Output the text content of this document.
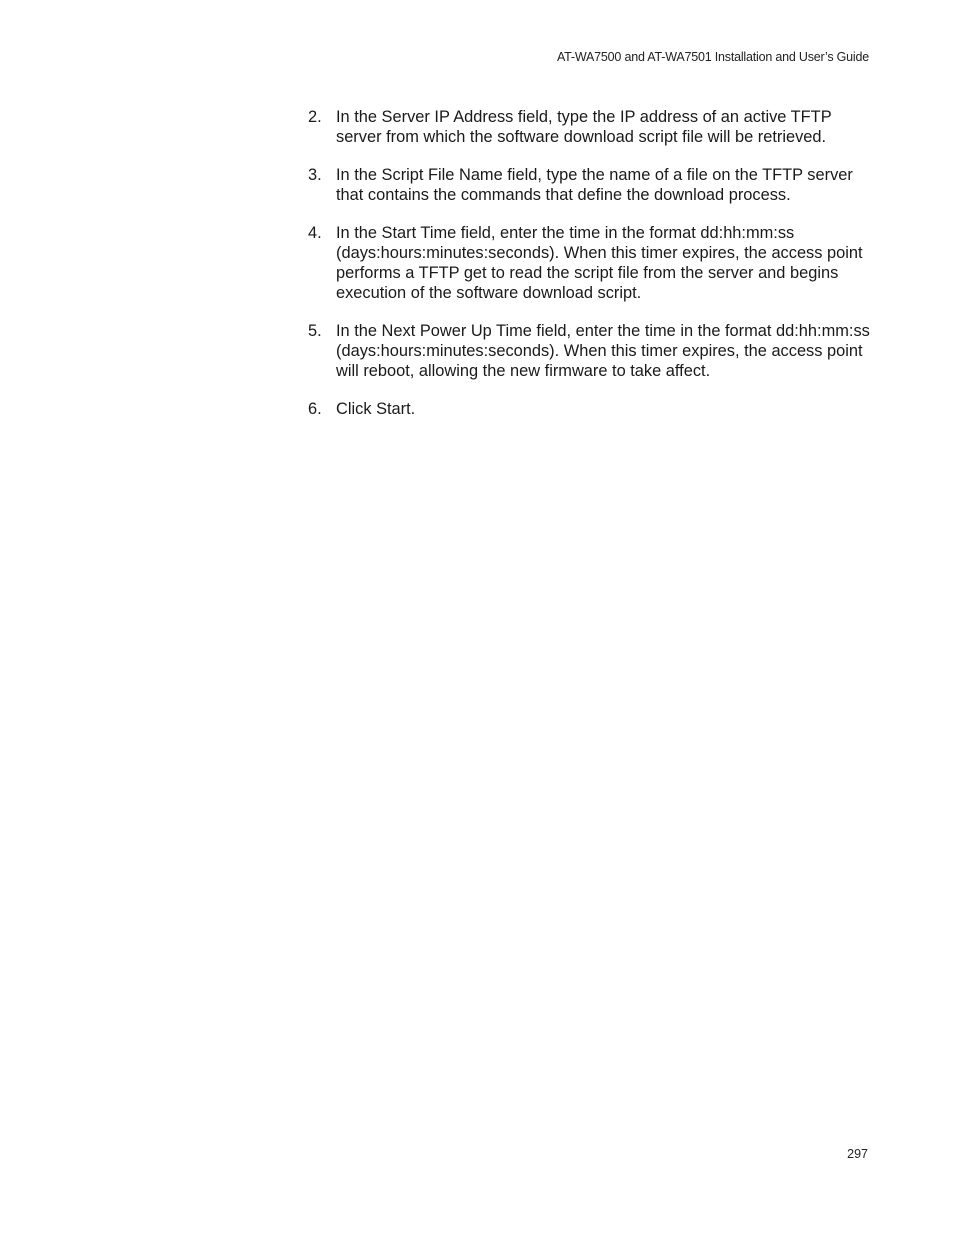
AT-WA7500 and AT-WA7501 Installation and User’s Guide
2. In the Server IP Address field, type the IP address of an active TFTP server from which the software download script file will be retrieved.
3. In the Script File Name field, type the name of a file on the TFTP server that contains the commands that define the download process.
4. In the Start Time field, enter the time in the format dd:hh:mm:ss (days:hours:minutes:seconds). When this timer expires, the access point performs a TFTP get to read the script file from the server and begins execution of the software download script.
5. In the Next Power Up Time field, enter the time in the format dd:hh:mm:ss (days:hours:minutes:seconds). When this timer expires, the access point will reboot, allowing the new firmware to take affect.
6. Click Start.
297
